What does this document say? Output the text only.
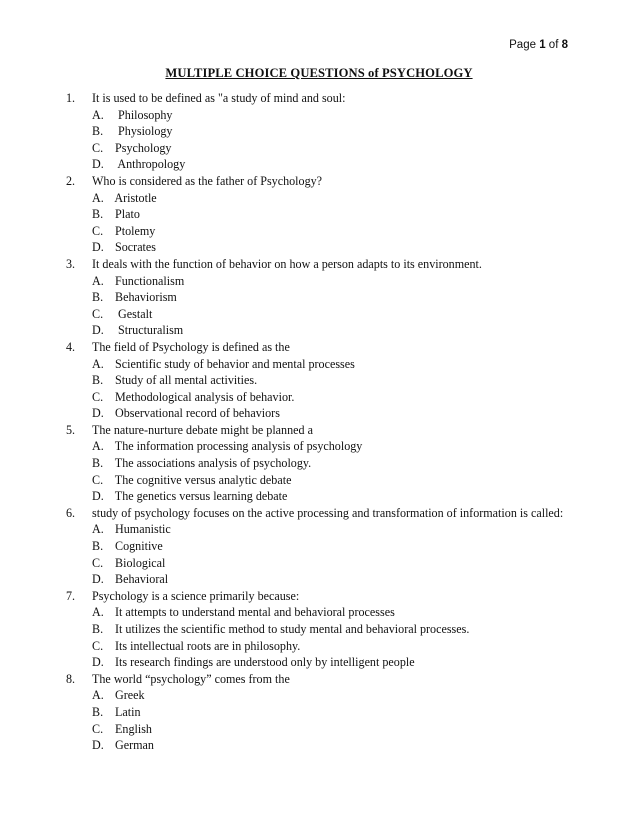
Page 1 of 8
MULTIPLE CHOICE QUESTIONS of PSYCHOLOGY
1.	It is used to be defined as "a study of mind and soul:
A. Philosophy
B. Physiology
C. Psychology
D. Anthropology
2.	Who is considered as the father of Psychology?
A. Aristotle
B. Plato
C. Ptolemy
D. Socrates
3.	It deals with the function of behavior on how a person adapts to its environment.
A. Functionalism
B. Behaviorism
C. Gestalt
D. Structuralism
4.	The field of Psychology is defined as the
A. Scientific study of behavior and mental processes
B. Study of all mental activities.
C. Methodological analysis of behavior.
D. Observational record of behaviors
5.	The nature-nurture debate might be planned a
A. The information processing analysis of psychology
B. The associations analysis of psychology.
C. The cognitive versus analytic debate
D. The genetics versus learning debate
6.	study of psychology focuses on the active processing and transformation of information is called:
A. Humanistic
B. Cognitive
C. Biological
D. Behavioral
7.	Psychology is a science primarily because:
A. It attempts to understand mental and behavioral processes
B. It utilizes the scientific method to study mental and behavioral processes.
C. Its intellectual roots are in philosophy.
D. Its research findings are understood only by intelligent people
8.	The world “psychology” comes from the
A. Greek
B. Latin
C. English
D. German
